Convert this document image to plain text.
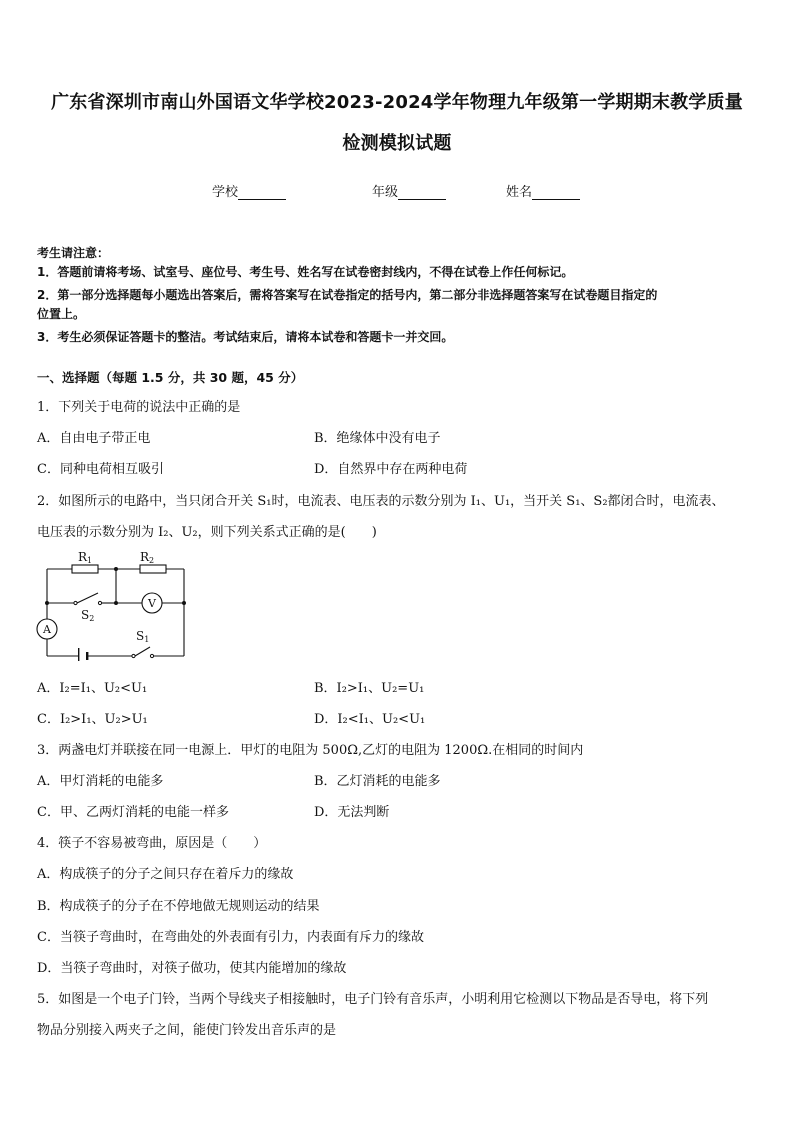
广东省深圳市南山外国语文华学校2023-2024学年物理九年级第一学期期末教学质量
检测模拟试题
学校	年级	姓名
考生请注意：
1．答题前请将考场、试室号、座位号、考生号、姓名写在试卷密封线内，不得在试卷上作任何标记。
2．第一部分选择题每小题选出答案后，需将答案写在试卷指定的括号内，第二部分非选择题答案写在试卷题目指定的
位置上。
3．考生必须保证答题卡的整洁。考试结束后，请将本试卷和答题卡一并交回。
一、选择题（每题 1.5 分，共 30 题，45 分）
1．下列关于电荷的说法中正确的是
A．自由电子带正电	B．绝缘体中没有电子
C．同种电荷相互吸引	D．自然界中存在两种电荷
2．如图所示的电路中，当只闭合开关 S₁时，电流表、电压表的示数分别为 I₁、U₁，当开关 S₁、S₂都闭合时，电流表、
电压表的示数分别为 I₂、U₂，则下列关系式正确的是(　　)
R1	R2
V
A
S2
S1
A．I₂=I₁、U₂<U₁	B．I₂>I₁、U₂=U₁
C．I₂>I₁、U₂>U₁	D．I₂<I₁、U₂<U₁
3．两盏电灯并联接在同一电源上．甲灯的电阻为 500Ω,乙灯的电阻为 1200Ω.在相同的时间内
A．甲灯消耗的电能多	B．乙灯消耗的电能多
C．甲、乙两灯消耗的电能一样多	D．无法判断
4．筷子不容易被弯曲，原因是（　　）
A．构成筷子的分子之间只存在着斥力的缘故
B．构成筷子的分子在不停地做无规则运动的结果
C．当筷子弯曲时，在弯曲处的外表面有引力，内表面有斥力的缘故
D．当筷子弯曲时，对筷子做功，使其内能增加的缘故
5．如图是一个电子门铃，当两个导线夹子相接触时，电子门铃有音乐声，小明利用它检测以下物品是否导电，将下列
物品分别接入两夹子之间，能使门铃发出音乐声的是
